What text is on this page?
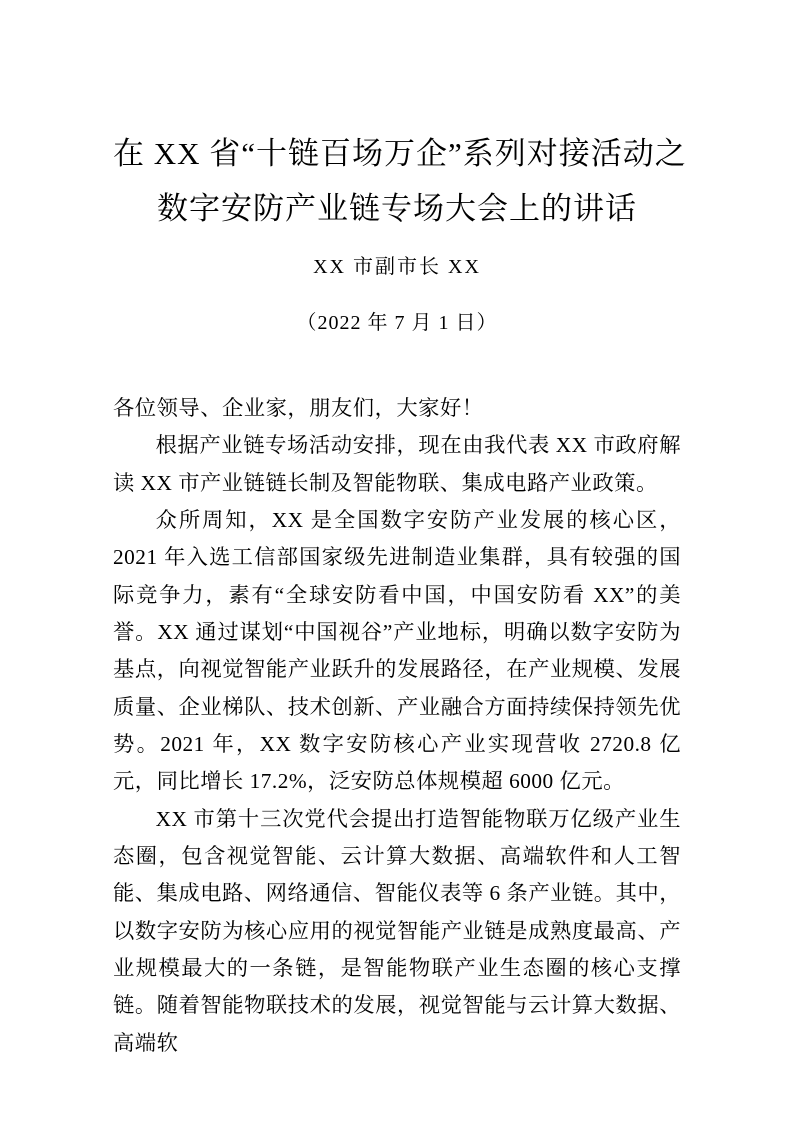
在 XX 省“十链百场万企”系列对接活动之
数字安防产业链专场大会上的讲话
XX 市副市长 XX
（2022 年 7 月 1 日）

各位领导、企业家，朋友们，大家好！

根据产业链专场活动安排，现在由我代表 XX 市政府解读 XX 市产业链链长制及智能物联、集成电路产业政策。

众所周知，XX 是全国数字安防产业发展的核心区，2021 年入选工信部国家级先进制造业集群，具有较强的国际竞争力，素有“全球安防看中国，中国安防看 XX”的美誉。XX 通过谋划“中国视谷”产业地标，明确以数字安防为基点，向视觉智能产业跃升的发展路径，在产业规模、发展质量、企业梯队、技术创新、产业融合方面持续保持领先优势。2021 年，XX 数字安防核心产业实现营收 2720.8 亿元，同比增长 17.2%，泛安防总体规模超 6000 亿元。

XX 市第十三次党代会提出打造智能物联万亿级产业生态圈，包含视觉智能、云计算大数据、高端软件和人工智能、集成电路、网络通信、智能仪表等 6 条产业链。其中，以数字安防为核心应用的视觉智能产业链是成熟度最高、产业规模最大的一条链，是智能物联产业生态圈的核心支撑链。随着智能物联技术的发展，视觉智能与云计算大数据、高端软
